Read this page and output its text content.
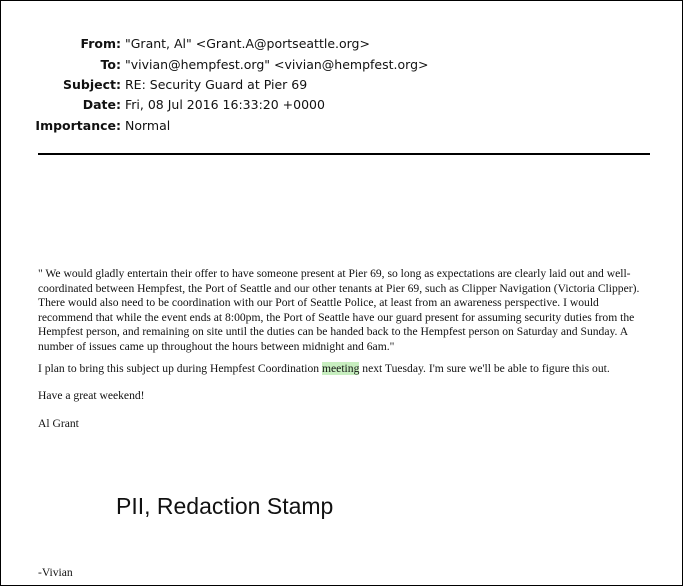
From: "Grant, Al" <Grant.A@portseattle.org>
To: "vivian@hempfest.org" <vivian@hempfest.org>
Subject: RE: Security Guard at Pier 69
Date: Fri, 08 Jul 2016 16:33:20 +0000
Importance: Normal
" We would gladly entertain their offer to have someone present at Pier 69, so long as expectations are clearly laid out and well-coordinated between Hempfest, the Port of Seattle and our other tenants at Pier 69, such as Clipper Navigation (Victoria Clipper). There would also need to be coordination with our Port of Seattle Police, at least from an awareness perspective. I would recommend that while the event ends at 8:00pm, the Port of Seattle have our guard present for assuming security duties from the Hempfest person, and remaining on site until the duties can be handed back to the Hempfest person on Saturday and Sunday. A number of issues came up throughout the hours between midnight and 6am."
I plan to bring this subject up during Hempfest Coordination meeting next Tuesday. I'm sure we'll be able to figure this out.
Have a great weekend!
Al Grant
PII, Redaction Stamp
-Vivian
